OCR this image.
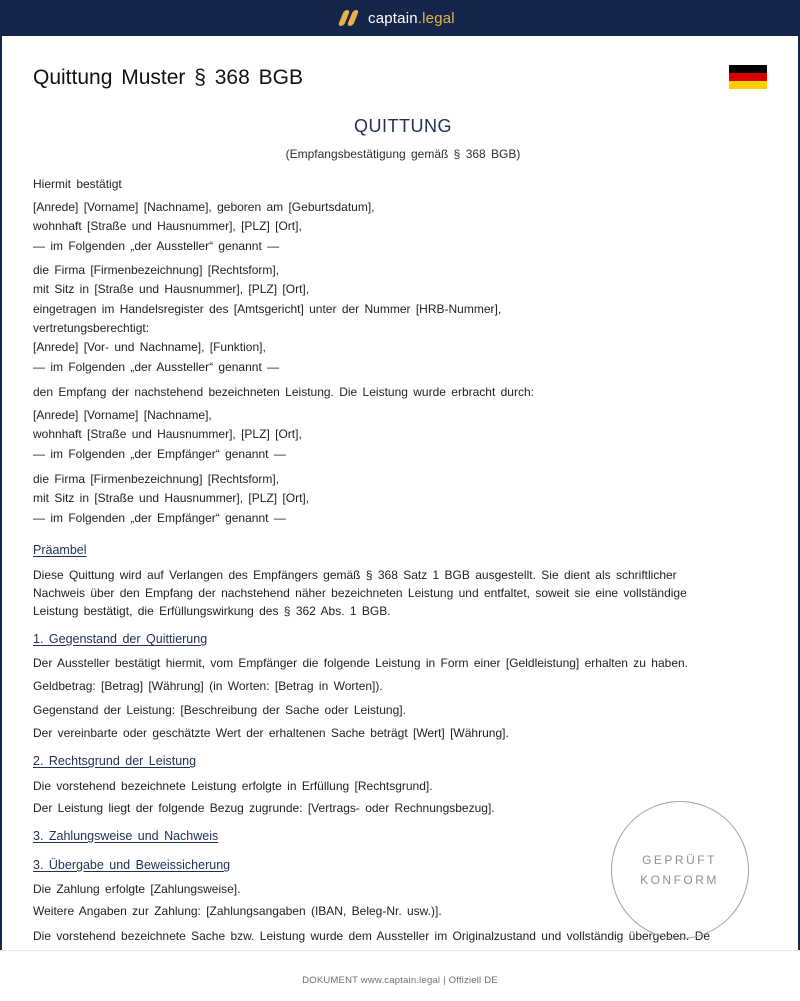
captain.legal
Quittung Muster § 368 BGB
QUITTUNG
(Empfangsbestätigung gemäß § 368 BGB)
Hiermit bestätigt
[Anrede] [Vorname] [Nachname], geboren am [Geburtsdatum],
wohnhaft [Straße und Hausnummer], [PLZ] [Ort],
— im Folgenden „der Aussteller“ genannt —
die Firma [Firmenbezeichnung] [Rechtsform],
mit Sitz in [Straße und Hausnummer], [PLZ] [Ort],
eingetragen im Handelsregister des [Amtsgericht] unter der Nummer [HRB-Nummer],
vertretungsberechtigt:
[Anrede] [Vor- und Nachname], [Funktion],
— im Folgenden „der Aussteller“ genannt —
den Empfang der nachstehend bezeichneten Leistung. Die Leistung wurde erbracht durch:
[Anrede] [Vorname] [Nachname],
wohnhaft [Straße und Hausnummer], [PLZ] [Ort],
— im Folgenden „der Empfänger“ genannt —
die Firma [Firmenbezeichnung] [Rechtsform],
mit Sitz in [Straße und Hausnummer], [PLZ] [Ort],
— im Folgenden „der Empfänger“ genannt —
Präambel
Diese Quittung wird auf Verlangen des Empfängers gemäß § 368 Satz 1 BGB ausgestellt. Sie dient als schriftlicher
Nachweis über den Empfang der nachstehend näher bezeichneten Leistung und entfaltet, soweit sie eine vollständige
Leistung bestätigt, die Erfüllungswirkung des § 362 Abs. 1 BGB.
1. Gegenstand der Quittierung
Der Aussteller bestätigt hiermit, vom Empfänger die folgende Leistung in Form einer [Geldleistung] erhalten zu haben.
Geldbetrag: [Betrag] [Währung] (in Worten: [Betrag in Worten]).
Gegenstand der Leistung: [Beschreibung der Sache oder Leistung].
Der vereinbarte oder geschätzte Wert der erhaltenen Sache beträgt [Wert] [Währung].
2. Rechtsgrund der Leistung
Die vorstehend bezeichnete Leistung erfolgte in Erfüllung [Rechtsgrund].
Der Leistung liegt der folgende Bezug zugrunde: [Vertrags- oder Rechnungsbezug].
3. Zahlungsweise und Nachweis
3. Übergabe und Beweissicherung
Die Zahlung erfolgte [Zahlungsweise].
Weitere Angaben zur Zahlung: [Zahlungsangaben (IBAN, Beleg-Nr. usw.)].
Die vorstehend bezeichnete Sache bzw. Leistung wurde dem Aussteller im Originalzustand und vollständig übergeben. De
GEPRÜFT
KONFORM
DOKUMENT www.captain.legal | Offiziell DE
